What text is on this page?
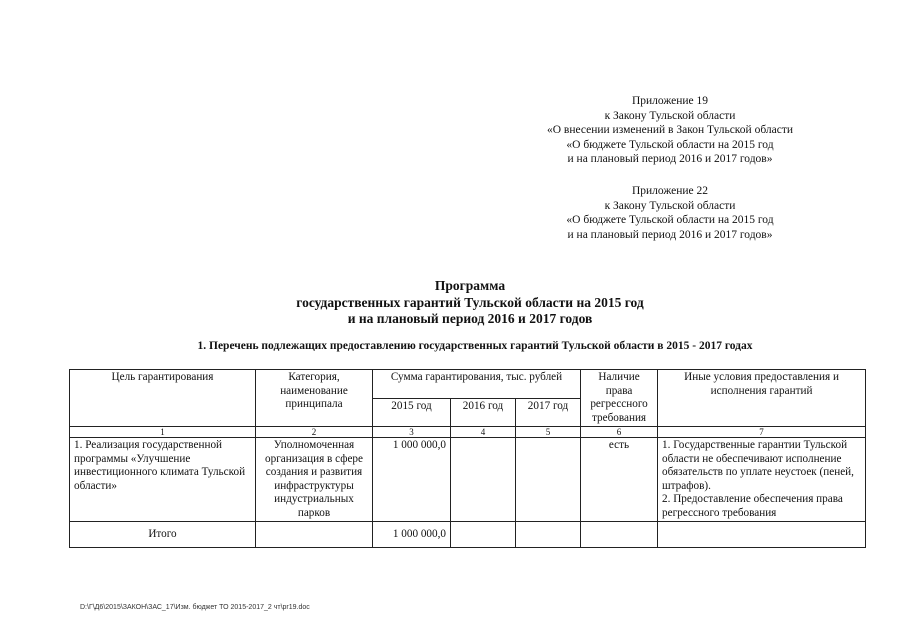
Приложение 19
к Закону Тульской области
«О внесении изменений в Закон Тульской области
«О бюджете Тульской области на 2015 год
и на плановый период 2016 и 2017 годов»
Приложение 22
к Закону Тульской области
«О бюджете Тульской области на 2015 год
и на плановый период 2016 и 2017 годов»
Программа
государственных гарантий Тульской области на 2015 год
и на плановый период 2016 и 2017 годов
1. Перечень подлежащих предоставлению государственных гарантий Тульской области в 2015 - 2017 годах
Цель гарантирования	Категория, наименование принципала	Сумма гарантирования, тыс. рублей			Наличие права регрессного требования	Иные условия предоставления и исполнения гарантий
		2015 год	2016 год	2017 год		
1	2	3	4	5	6	7
1. Реализация государственной программы «Улучшение инвестиционного климата Тульской области»	Уполномоченная организация в сфере создания и развития инфраструктуры индустриальных парков	1 000 000,0			есть	1. Государственные гарантии Тульской области не обеспечивают исполнение обязательств по уплате неустоек (пеней, штрафов).
2. Предоставление обеспечения права регрессного требования

Итого		1 000 000,0				
D:\Г\Д6\2015\ЗАКОН\ЗАС_17\Изм. бюджет ТО 2015-2017_2 чт\pr19.doc
